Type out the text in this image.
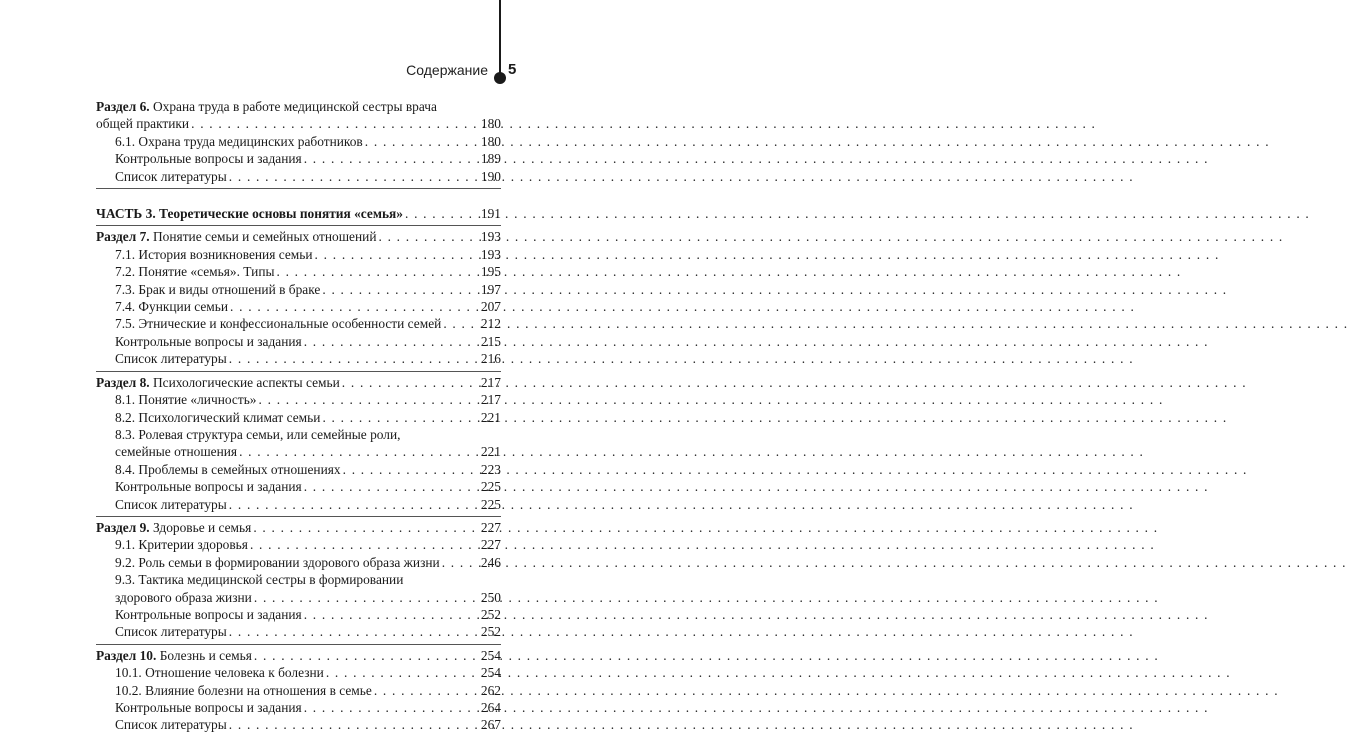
Содержание 5
Раздел 6. Охрана труда в работе медицинской сестры врача
общей практики . . .	180
6.1. Охрана труда медицинских работников . . .	180
Контрольные вопросы и задания . . .	189
Список литературы . . .	190
ЧАСТЬ 3. Теоретические основы понятия «семья» . . .	191
Раздел 7. Понятие семьи и семейных отношений . . .	193
7.1. История возникновения семьи . . .	193
7.2. Понятие «семья». Типы . . .	195
7.3. Брак и виды отношений в браке . . .	197
7.4. Функции семьи . . .	207
7.5. Этнические и конфессиональные особенности семей . . .	212
Контрольные вопросы и задания . . .	215
Список литературы . . .	216
Раздел 8. Психологические аспекты семьи . . .	217
8.1. Понятие «личность» . . .	217
8.2. Психологический климат семьи . . .	221
8.3. Ролевая структура семьи, или семейные роли,
семейные отношения . . .	221
8.4. Проблемы в семейных отношениях . . .	223
Контрольные вопросы и задания . . .	225
Список литературы . . .	225
Раздел 9. Здоровье и семья . . .	227
9.1. Критерии здоровья . . .	227
9.2. Роль семьи в формировании здорового образа жизни . . .	246
9.3. Тактика медицинской сестры в формировании
здорового образа жизни . . .	250
Контрольные вопросы и задания . . .	252
Список литературы . . .	252
Раздел 10. Болезнь и семья . . .	254
10.1. Отношение человека к болезни . . .	254
10.2. Влияние болезни на отношения в семье . . .	262
Контрольные вопросы и задания . . .	264
Список литературы . . .	267
